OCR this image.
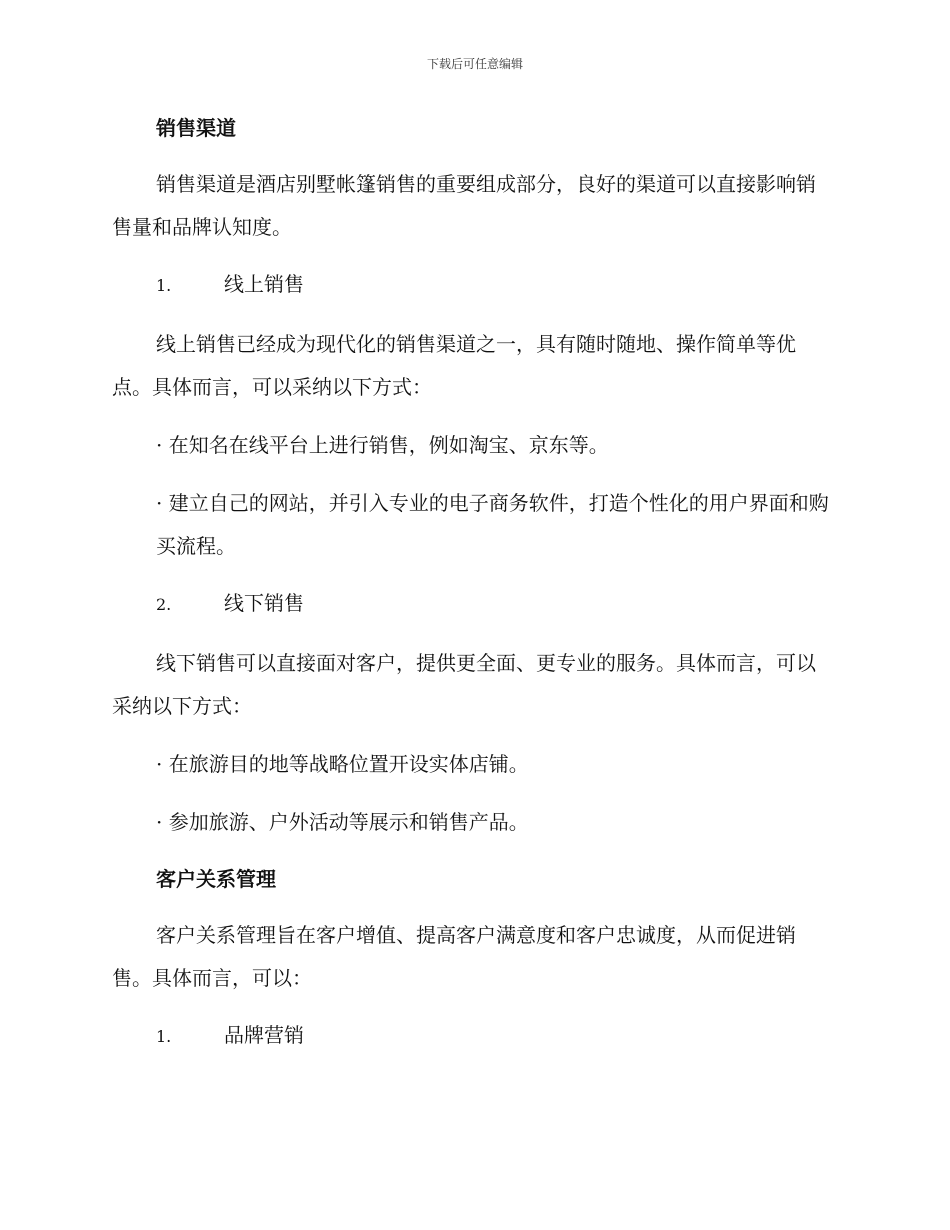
下载后可任意编辑
销售渠道

销售渠道是酒店别墅帐篷销售的重要组成部分，良好的渠道可以直接影响销售量和品牌认知度。

1.	线上销售

线上销售已经成为现代化的销售渠道之一，具有随时随地、操作简单等优点。具体而言，可以采纳以下方式：

· 在知名在线平台上进行销售，例如淘宝、京东等。

· 建立自己的网站，并引入专业的电子商务软件，打造个性化的用户界面和购买流程。

2.	线下销售

线下销售可以直接面对客户，提供更全面、更专业的服务。具体而言，可以采纳以下方式：

· 在旅游目的地等战略位置开设实体店铺。

· 参加旅游、户外活动等展示和销售产品。

客户关系管理

客户关系管理旨在客户增值、提高客户满意度和客户忠诚度，从而促进销售。具体而言，可以：

1.	品牌营销
